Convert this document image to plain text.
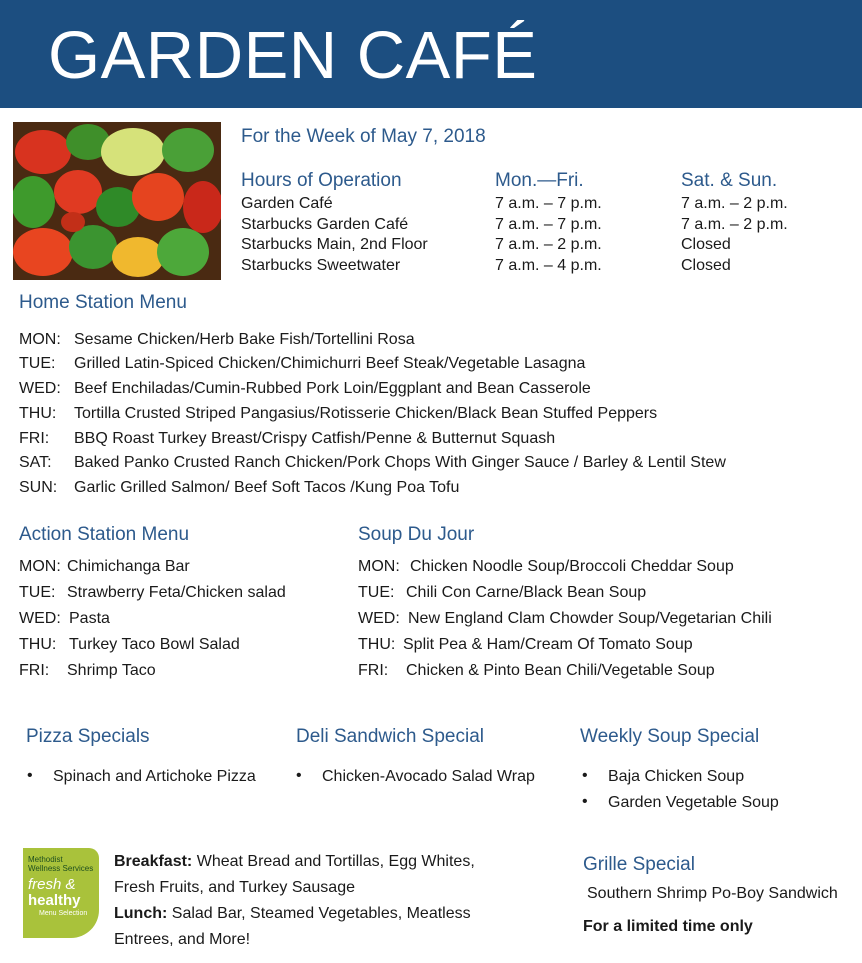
GARDEN CAFÉ
For the Week of May 7, 2018
Hours of Operation	Mon.—Fri.	Sat. & Sun.
Garden Café	7 a.m. – 7 p.m.	7 a.m. – 2 p.m.
Starbucks Garden Café	7 a.m. – 7 p.m.	7 a.m. – 2 p.m.
Starbucks Main, 2nd Floor	7 a.m. – 2 p.m.	Closed
Starbucks Sweetwater	7 a.m. – 4 p.m.	Closed
Home Station Menu
MON: Sesame Chicken/Herb Bake Fish/Tortellini Rosa
TUE: Grilled Latin-Spiced Chicken/Chimichurri Beef Steak/Vegetable Lasagna
WED: Beef Enchiladas/Cumin-Rubbed Pork Loin/Eggplant and Bean Casserole
THU: Tortilla Crusted Striped Pangasius/Rotisserie Chicken/Black Bean Stuffed Peppers
FRI: BBQ Roast Turkey Breast/Crispy Catfish/Penne & Butternut Squash
SAT: Baked Panko Crusted Ranch Chicken/Pork Chops With Ginger Sauce / Barley & Lentil Stew
SUN: Garlic Grilled Salmon/ Beef Soft Tacos /Kung Poa Tofu
Action Station Menu
MON: Chimichanga Bar
TUE: Strawberry Feta/Chicken salad
WED: Pasta
THU: Turkey Taco Bowl Salad
FRI: Shrimp Taco
Soup Du Jour
MON: Chicken Noodle Soup/Broccoli Cheddar Soup
TUE: Chili Con Carne/Black Bean Soup
WED: New England Clam Chowder Soup/Vegetarian Chili
THU: Split Pea & Ham/Cream Of Tomato Soup
FRI: Chicken & Pinto Bean Chili/Vegetable Soup
Pizza Specials	Deli Sandwich Special	Weekly Soup Special
• Spinach and Artichoke Pizza	• Chicken-Avocado Salad Wrap	• Baja Chicken Soup
• Garden Vegetable Soup
Methodist
Wellness Services
fresh &
healthy
Menu Selection
Breakfast: Wheat Bread and Tortillas, Egg Whites,
Fresh Fruits, and Turkey Sausage
Lunch: Salad Bar, Steamed Vegetables, Meatless
Entrees, and More!
Grille Special
Southern Shrimp Po-Boy Sandwich
For a limited time only
